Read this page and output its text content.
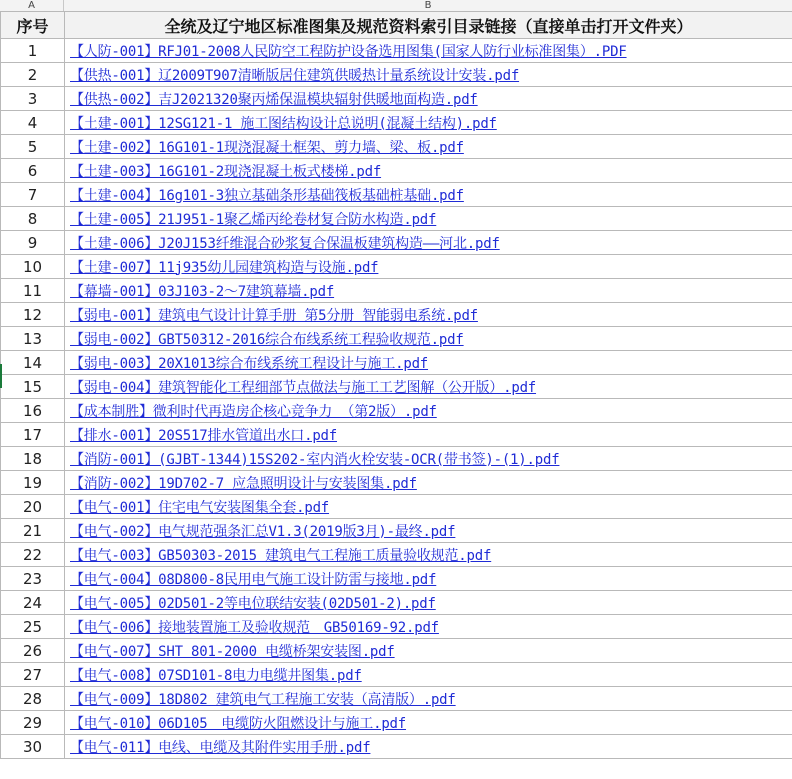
A	B
序号	全统及辽宁地区标准图集及规范资料索引目录链接（直接单击打开文件夹）
1	【人防-001】RFJ01-2008人民防空工程防护设备选用图集(国家人防行业标准图集）.PDF
2	【供热-001】辽2009T907清晰版居住建筑供暖热计量系统设计安装.pdf
3	【供热-002】吉J2021320聚丙烯保温模块辐射供暖地面构造.pdf
4	【土建-001】12SG121-1 施工图结构设计总说明(混凝土结构).pdf
5	【土建-002】16G101-1现浇混凝土框架、剪力墙、梁、板.pdf
6	【土建-003】16G101-2现浇混凝土板式楼梯.pdf
7	【土建-004】16g101-3独立基础条形基础筏板基础桩基础.pdf
8	【土建-005】21J951-1聚乙烯丙纶卷材复合防水构造.pdf
9	【土建-006】J20J153纤维混合砂浆复合保温板建筑构造——河北.pdf
10	【土建-007】11j935幼儿园建筑构造与设施.pdf
11	【幕墙-001】03J103-2～7建筑幕墙.pdf
12	【弱电-001】建筑电气设计计算手册 第5分册 智能弱电系统.pdf
13	【弱电-002】GBT50312-2016综合布线系统工程验收规范.pdf
14	【弱电-003】20X1013综合布线系统工程设计与施工.pdf
15	【弱电-004】建筑智能化工程细部节点做法与施工工艺图解（公开版）.pdf
16	【成本制胜】微利时代再造房企核心竞争力 （第2版）.pdf
17	【排水-001】20S517排水管道出水口.pdf
18	【消防-001】(GJBT-1344)15S202-室内消火栓安装-OCR(带书签)-(1).pdf
19	【消防-002】19D702-7 应急照明设计与安装图集.pdf
20	【电气-001】住宅电气安装图集全套.pdf
21	【电气-002】电气规范强条汇总V1.3(2019版3月)-最终.pdf
22	【电气-003】GB50303-2015 建筑电气工程施工质量验收规范.pdf
23	【电气-004】08D800-8民用电气施工设计防雷与接地.pdf
24	【电气-005】02D501-2等电位联结安装(02D501-2).pdf
25	【电气-006】接地装置施工及验收规范　GB50169-92.pdf
26	【电气-007】SHT 801-2000 电缆桥架安装图.pdf
27	【电气-008】07SD101-8电力电缆井图集.pdf
28	【电气-009】18D802 建筑电气工程施工安装（高清版）.pdf
29	【电气-010】06D105　电缆防火阻燃设计与施工.pdf
30	【电气-011】电线、电缆及其附件实用手册.pdf
